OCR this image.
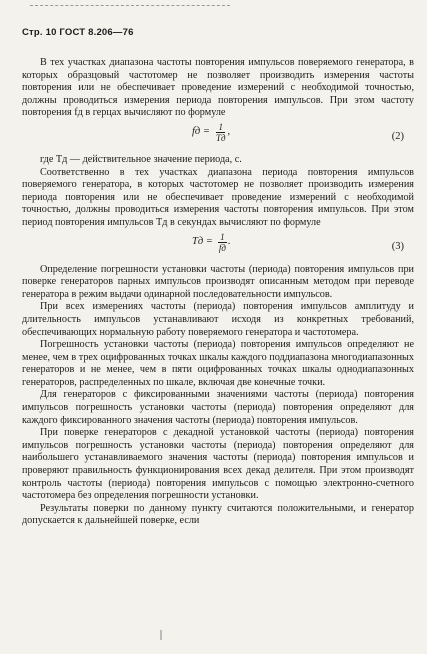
Стр. 10 ГОСТ 8.206—76

В тех участках диапазона частоты повторения импульсов поверяемого генератора, в которых образцовый частотомер не позволяет производить измерения частоты повторения или не обеспечивает проведение измерений с необходимой точностью, должны проводиться измерения периода повторения импульсов. При этом частоту повторения fд в герцах вычисляют по формуле

fд = $\frac{1}{Tд}$ ,	(2)

где Tд — действительное значение периода, с.

Соответственно в тех участках диапазона периода повторения импульсов поверяемого генератора, в которых частотомер не позволяет производить измерения периода повторения или не обеспечивает проведение измерений с необходимой точностью, должны проводиться измерения частоты повторения импульсов. При этом период повторения импульсов Tд в секундах вычисляют по формуле

Tд = $\frac{1}{fд}$ .	(3)

Определение погрешности установки частоты (периода) повторения импульсов при поверке генераторов парных импульсов производят описанным методом при переводе генератора в режим выдачи одинарной последовательности импульсов.

При всех измерениях частоты (периода) повторения импульсов амплитуду и длительность импульсов устанавливают исходя из конкретных требований, обеспечивающих нормальную работу поверяемого генератора и частотомера.

Погрешность установки частоты (периода) повторения импульсов определяют не менее, чем в трех оцифрованных точках шкалы каждого поддиапазона многодиапазонных генераторов и не менее, чем в пяти оцифрованных точках шкалы однодиапазонных генераторов, распределенных по шкале, включая две конечные точки.

Для генераторов с фиксированными значениями частоты (периода) повторения импульсов погрешность установки частоты (периода) повторения определяют для каждого фиксированного значения частоты (периода) повторения импульсов.

При поверке генераторов с декадной установкой частоты (периода) повторения импульсов погрешность установки частоты (периода) повторения определяют для наибольшего устанавливаемого значения частоты (периода) повторения импульсов и проверяют правильность функционирования всех декад делителя. При этом производят контроль частоты (периода) повторения импульсов с помощью электронно-счетного частотомера без определения погрешности установки.

Результаты поверки по данному пункту считаются положительными, и генератор допускается к дальнейшей поверке, если
